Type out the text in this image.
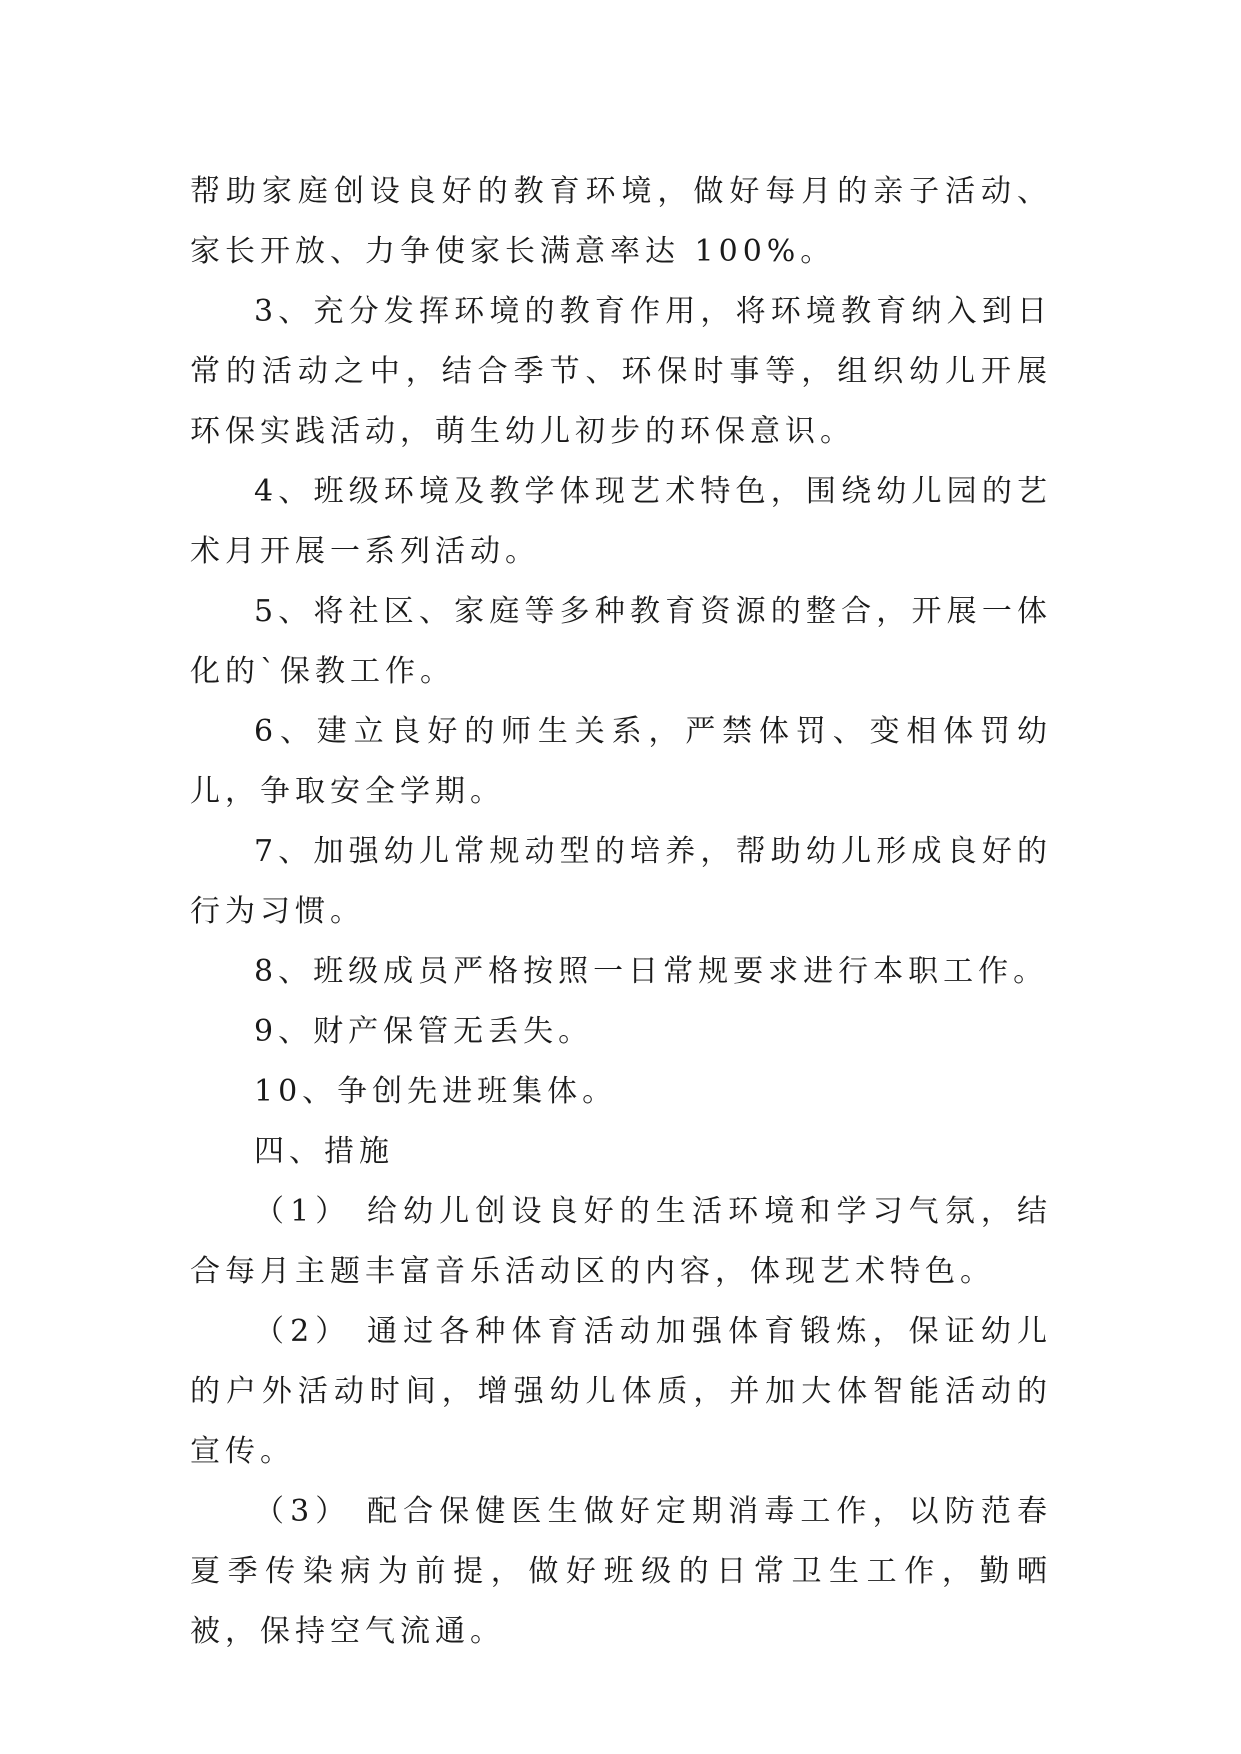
帮助家庭创设良好的教育环境，做好每月的亲子活动、家长开放、力争使家长满意率达 100%。

3、充分发挥环境的教育作用，将环境教育纳入到日常的活动之中，结合季节、环保时事等，组织幼儿开展环保实践活动，萌生幼儿初步的环保意识。

4、班级环境及教学体现艺术特色，围绕幼儿园的艺术月开展一系列活动。

5、将社区、家庭等多种教育资源的整合，开展一体化的`保教工作。

6、建立良好的师生关系，严禁体罚、变相体罚幼儿，争取安全学期。

7、加强幼儿常规动型的培养，帮助幼儿形成良好的行为习惯。

8、班级成员严格按照一日常规要求进行本职工作。

9、财产保管无丢失。

10、争创先进班集体。

四、措施

（1） 给幼儿创设良好的生活环境和学习气氛，结合每月主题丰富音乐活动区的内容，体现艺术特色。

（2） 通过各种体育活动加强体育锻炼，保证幼儿的户外活动时间，增强幼儿体质，并加大体智能活动的宣传。

（3） 配合保健医生做好定期消毒工作，以防范春夏季传染病为前提，做好班级的日常卫生工作，勤晒被，保持空气流通。
